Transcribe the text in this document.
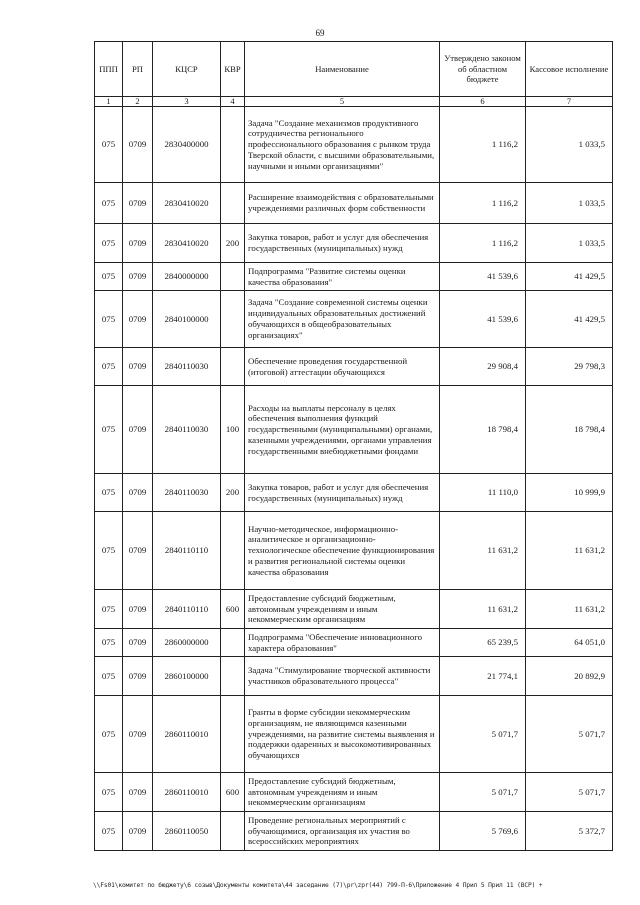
69
ППП	РП	КЦСР	КВР	Наименование	Утверждено законом об областном бюджете	Кассовое исполнение
1	2	3	4	5	6	7
075	0709	2830400000		Задача "Создание механизмов продуктивного сотрудничества регионального профессионального образования с рынком труда Тверской области, с высшими образовательными, научными и иными организациями"	1 116,2	1 033,5
075	0709	2830410020		Расширение взаимодействия с образовательными учреждениями различных форм собственности	1 116,2	1 033,5
075	0709	2830410020	200	Закупка товаров, работ и услуг для обеспечения государственных (муниципальных) нужд	1 116,2	1 033,5
075	0709	2840000000		Подпрограмма "Развитие системы оценки качества образования"	41 539,6	41 429,5
075	0709	2840100000		Задача "Создание современной системы оценки индивидуальных образовательных достижений обучающихся в общеобразовательных организациях"	41 539,6	41 429,5
075	0709	2840110030		Обеспечение проведения государственной (итоговой) аттестации обучающихся	29 908,4	29 798,3
075	0709	2840110030	100	Расходы на выплаты персоналу в целях обеспечения выполнения функций государственными (муниципальными) органами, казенными учреждениями, органами управления государственными внебюджетными фондами	18 798,4	18 798,4
075	0709	2840110030	200	Закупка товаров, работ и услуг для обеспечения государственных (муниципальных) нужд	11 110,0	10 999,9
075	0709	2840110110		Научно-методическое, информационно-аналитическое и организационно-технологическое обеспечение функционирования и развития региональной системы оценки качества образования	11 631,2	11 631,2
075	0709	2840110110	600	Предоставление субсидий бюджетным, автономным учреждениям и иным некоммерческим организациям	11 631,2	11 631,2
075	0709	2860000000		Подпрограмма "Обеспечение инновационного характера образования"	65 239,5	64 051,0
075	0709	2860100000		Задача "Стимулирование творческой активности участников образовательного процесса"	21 774,1	20 892,9
075	0709	2860110010		Гранты в форме субсидии некоммерческим организациям, не являющимся казенными учреждениями, на развитие системы выявления и поддержки одаренных и высокомотивированных обучающихся	5 071,7	5 071,7
075	0709	2860110010	600	Предоставление субсидий бюджетным, автономным учреждениям и иным некоммерческим организациям	5 071,7	5 071,7
075	0709	2860110050		Проведение региональных мероприятий с обучающимися, организация их участия во всероссийских мероприятиях	5 769,6	5 372,7
\\Fs01\комитет по бюджету\6 созыв\Документы комитета\44 заседание (7)\pr\zpr(44) 799-П-6\Приложение 4 Прил 5 Прил 11 (ВСР) +
